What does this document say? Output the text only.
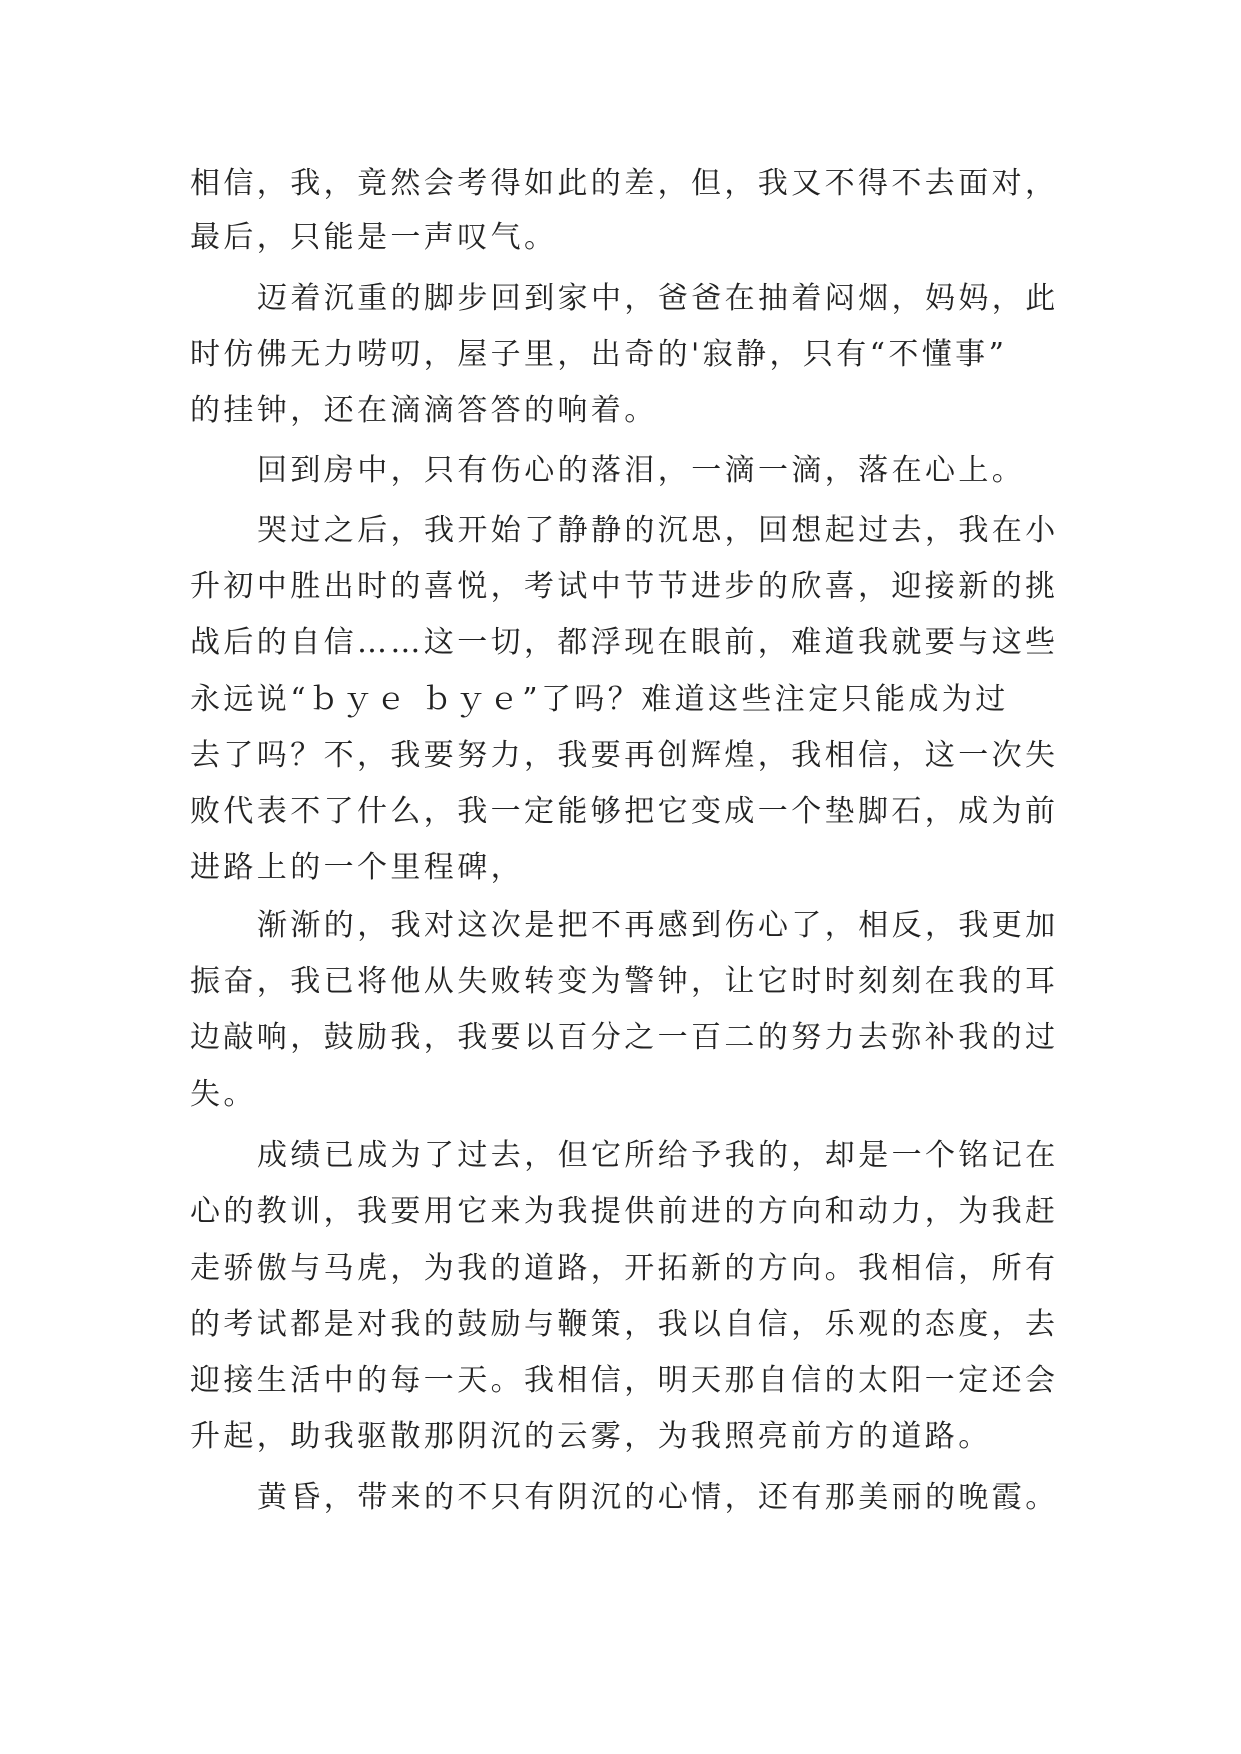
相信，我，竟然会考得如此的差，但，我又不得不去面对，

最后，只能是一声叹气。

迈着沉重的脚步回到家中，爸爸在抽着闷烟，妈妈，此

时仿佛无力唠叨，屋子里，出奇的'寂静，只有“不懂事”

的挂钟，还在滴滴答答的响着。

回到房中，只有伤心的落泪，一滴一滴，落在心上。

哭过之后，我开始了静静的沉思，回想起过去，我在小

升初中胜出时的喜悦，考试中节节进步的欣喜，迎接新的挑

战后的自信……这一切，都浮现在眼前，难道我就要与这些

永远说“ｂｙｅ ｂｙｅ”了吗？难道这些注定只能成为过

去了吗？不，我要努力，我要再创辉煌，我相信，这一次失

败代表不了什么，我一定能够把它变成一个垫脚石，成为前

进路上的一个里程碑，

渐渐的，我对这次是把不再感到伤心了，相反，我更加

振奋，我已将他从失败转变为警钟，让它时时刻刻在我的耳

边敲响，鼓励我，我要以百分之一百二的努力去弥补我的过

失。

成绩已成为了过去，但它所给予我的，却是一个铭记在

心的教训，我要用它来为我提供前进的方向和动力，为我赶

走骄傲与马虎，为我的道路，开拓新的方向。我相信，所有

的考试都是对我的鼓励与鞭策，我以自信，乐观的态度，去

迎接生活中的每一天。我相信，明天那自信的太阳一定还会

升起，助我驱散那阴沉的云雾，为我照亮前方的道路。

黄昏，带来的不只有阴沉的心情，还有那美丽的晚霞。
